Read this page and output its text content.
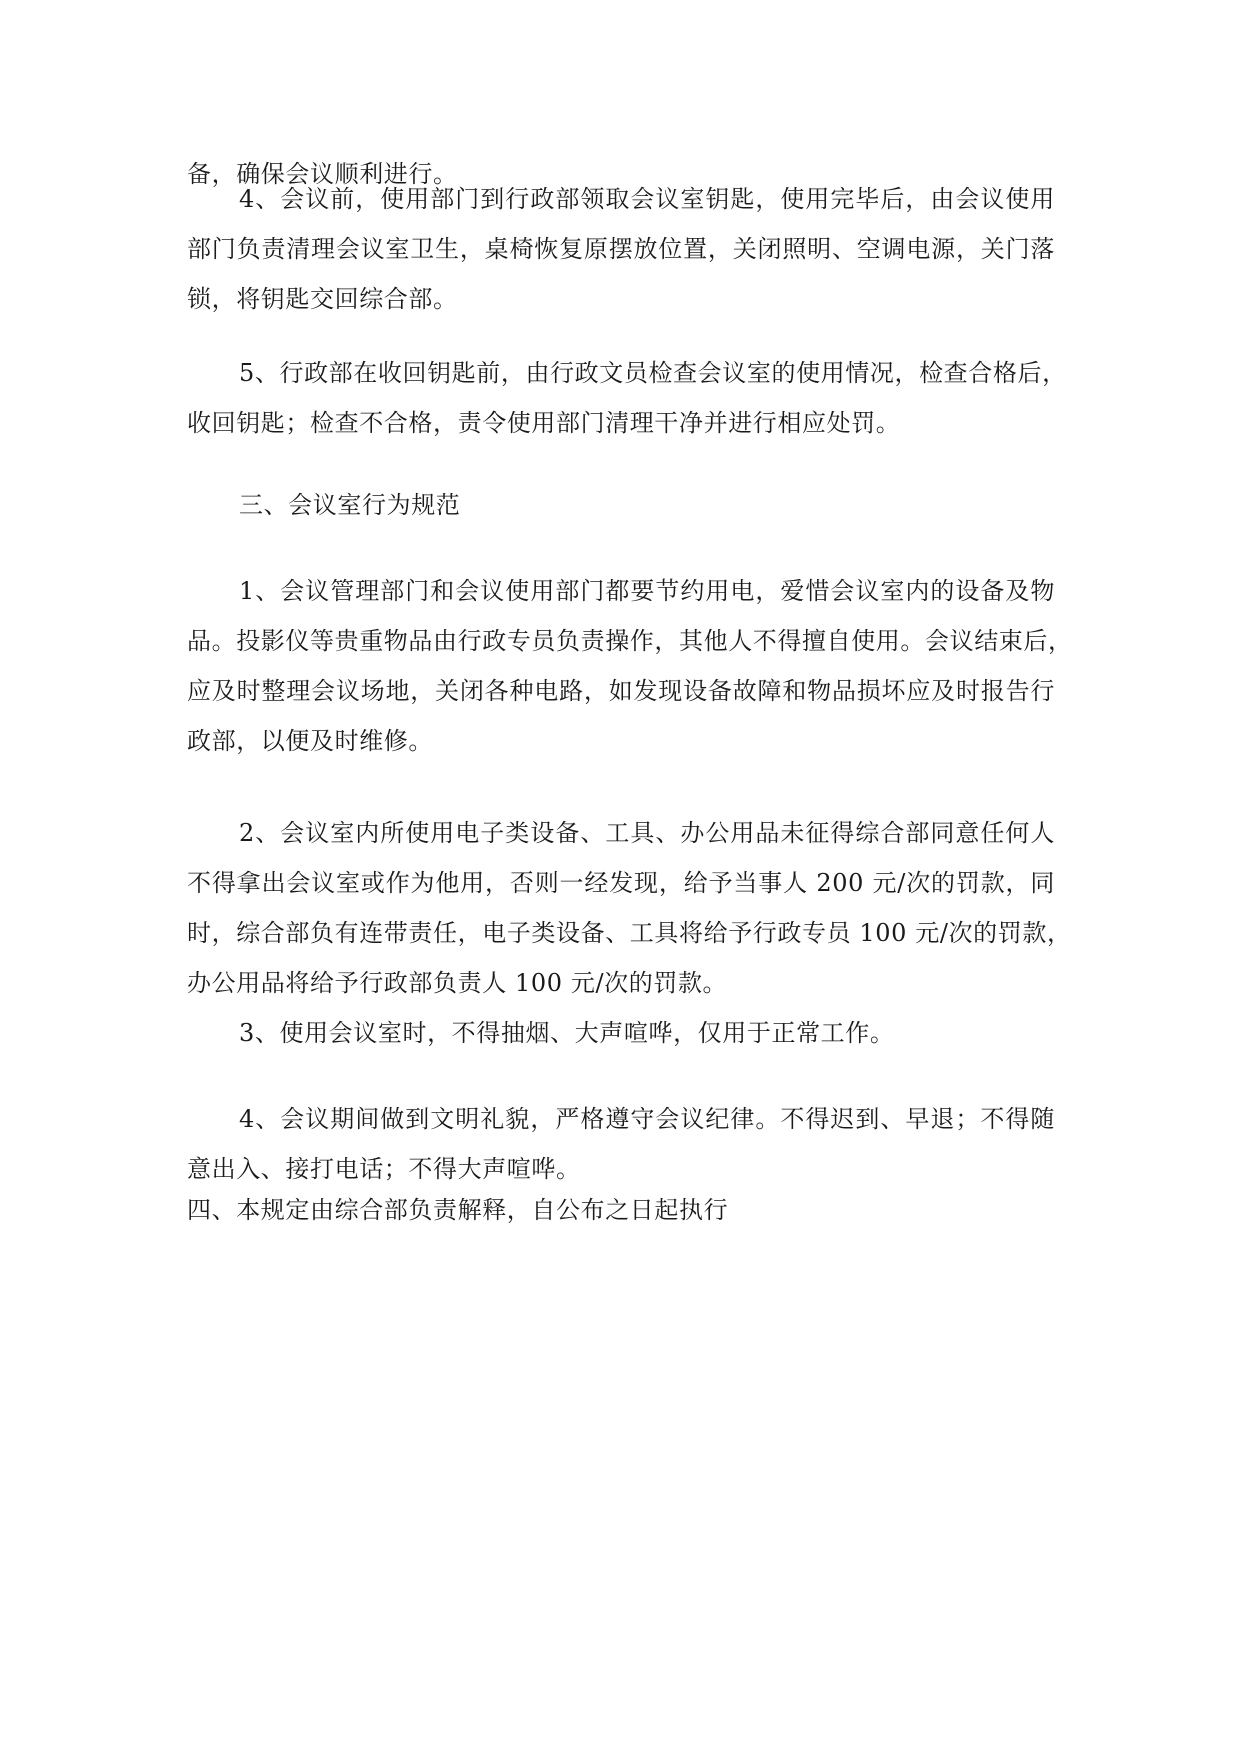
备，确保会议顺利进行。
4、会议前，使用部门到行政部领取会议室钥匙，使用完毕后，由会议使用
部门负责清理会议室卫生，桌椅恢复原摆放位置，关闭照明、空调电源，关门落
锁，将钥匙交回综合部。
5、行政部在收回钥匙前，由行政文员检查会议室的使用情况，检查合格后，
收回钥匙；检查不合格，责令使用部门清理干净并进行相应处罚。
三、会议室行为规范
1、会议管理部门和会议使用部门都要节约用电，爱惜会议室内的设备及物
品。投影仪等贵重物品由行政专员负责操作，其他人不得擅自使用。会议结束后，
应及时整理会议场地，关闭各种电路，如发现设备故障和物品损坏应及时报告行
政部，以便及时维修。
2、会议室内所使用电子类设备、工具、办公用品未征得综合部同意任何人
不得拿出会议室或作为他用，否则一经发现，给予当事人 200 元/次的罚款，同
时，综合部负有连带责任，电子类设备、工具将给予行政专员 100 元/次的罚款，
办公用品将给予行政部负责人 100 元/次的罚款。
3、使用会议室时，不得抽烟、大声喧哗，仅用于正常工作。
4、会议期间做到文明礼貌，严格遵守会议纪律。不得迟到、早退；不得随
意出入、接打电话；不得大声喧哗。
四、本规定由综合部负责解释，自公布之日起执行
